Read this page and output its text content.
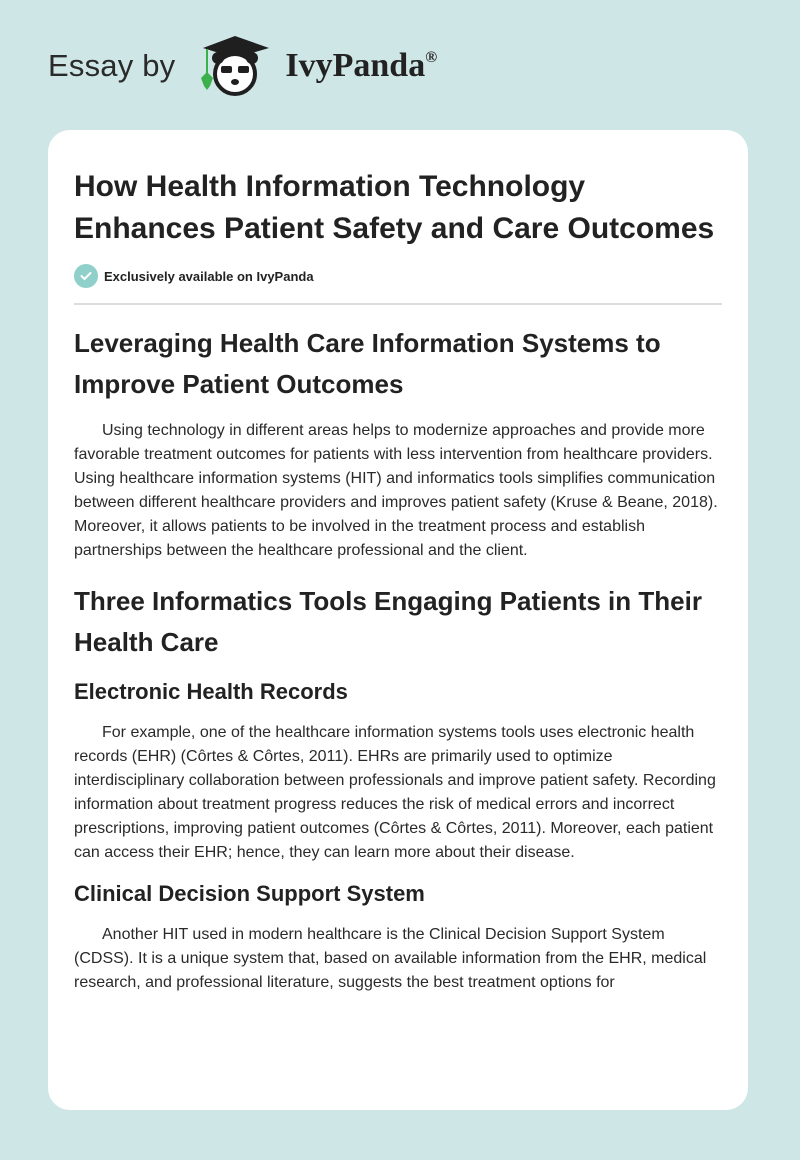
Essay by	IvyPanda®
How Health Information Technology Enhances Patient Safety and Care Outcomes
Exclusively available on IvyPanda
Leveraging Health Care Information Systems to Improve Patient Outcomes

Using technology in different areas helps to modernize approaches and provide more favorable treatment outcomes for patients with less intervention from healthcare providers. Using healthcare information systems (HIT) and informatics tools simplifies communication between different healthcare providers and improves patient safety (Kruse & Beane, 2018). Moreover, it allows patients to be involved in the treatment process and establish partnerships between the healthcare professional and the client.

Three Informatics Tools Engaging Patients in Their Health Care
Electronic Health Records

For example, one of the healthcare information systems tools uses electronic health records (EHR) (Côrtes & Côrtes, 2011). EHRs are primarily used to optimize interdisciplinary collaboration between professionals and improve patient safety. Recording information about treatment progress reduces the risk of medical errors and incorrect prescriptions, improving patient outcomes (Côrtes & Côrtes, 2011). Moreover, each patient can access their EHR; hence, they can learn more about their disease.

Clinical Decision Support System

Another HIT used in modern healthcare is the Clinical Decision Support System (CDSS). It is a unique system that, based on available information from the EHR, medical research, and professional literature, suggests the best treatment options for
